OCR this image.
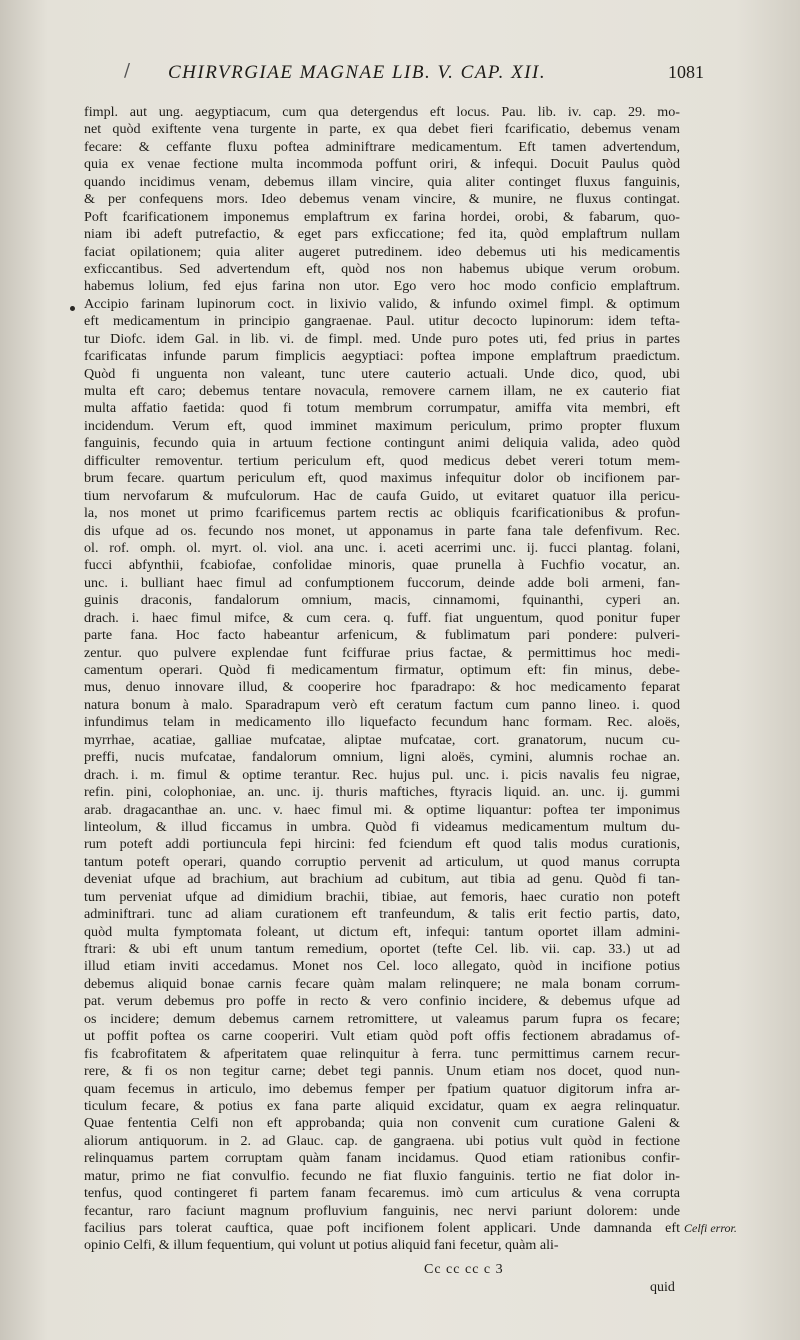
/ CHIRVRGIAE MAGNAE LIB. V. CAP. XII.	1081
fimpl. aut ung. aegyptiacum, cum qua detergendus eft locus. Pau. lib. iv. cap. 29. mo-
net quòd exiftente vena turgente in parte, ex qua debet fieri fcarificatio, debemus venam
fecare: & ceffante fluxu poftea adminiftrare medicamentum. Eft tamen advertendum,
quia ex venae fectione multa incommoda poffunt oriri, & infequi. Docuit Paulus quòd
quando incidimus venam, debemus illam vincire, quia aliter continget fluxus fanguinis,
& per confequens mors. Ideo debemus venam vincire, & munire, ne fluxus contingat.
Poft fcarificationem imponemus emplaftrum ex farina hordei, orobi, & fabarum, quo-
niam ibi adeft putrefactio, & eget pars exficcatione; fed ita, quòd emplaftrum nullam
faciat opilationem; quia aliter augeret putredinem. ideo debemus uti his medicamentis
exficcantibus. Sed advertendum eft, quòd nos non habemus ubique verum orobum.
habemus lolium, fed ejus farina non utor. Ego vero hoc modo conficio emplaftrum.
Accipio farinam lupinorum coct. in lixivio valido, & infundo oximel fimpl. & optimum
eft medicamentum in principio gangraenae. Paul. utitur decocto lupinorum: idem tefta-
tur Diofc. idem Gal. in lib. vi. de fimpl. med. Unde puro potes uti, fed prius in partes
fcarificatas infunde parum fimplicis aegyptiaci: poftea impone emplaftrum praedictum.
Quòd fi unguenta non valeant, tunc utere cauterio actuali. Unde dico, quod, ubi
multa eft caro; debemus tentare novacula, removere carnem illam, ne ex cauterio fiat
multa affatio faetida: quod fi totum membrum corrumpatur, amiffa vita membri, eft
incidendum. Verum eft, quod imminet maximum periculum, primo propter fluxum
fanguinis, fecundo quia in artuum fectione contingunt animi deliquia valida, adeo quòd
difficulter removentur. tertium periculum eft, quod medicus debet vereri totum mem-
brum fecare. quartum periculum eft, quod maximus infequitur dolor ob incifionem par-
tium nervofarum & mufculorum. Hac de caufa Guido, ut evitaret quatuor illa pericu-
la, nos monet ut primo fcarificemus partem rectis ac obliquis fcarificationibus & profun-
dis ufque ad os. fecundo nos monet, ut apponamus in parte fana tale defenfivum. Rec.
ol. rof. omph. ol. myrt. ol. viol. ana unc. i. aceti acerrimi unc. ij. fucci plantag. folani,
fucci abfynthii, fcabiofae, confolidae minoris, quae prunella à Fuchfio vocatur, an.
unc. i. bulliant haec fimul ad confumptionem fuccorum, deinde adde boli armeni, fan-
guinis draconis, fandalorum omnium, macis, cinnamomi, fquinanthi, cyperi an.
drach. i. haec fimul mifce, & cum cera. q. fuff. fiat unguentum, quod ponitur fuper
parte fana. Hoc facto habeantur arfenicum, & fublimatum pari pondere: pulveri-
zentur. quo pulvere explendae funt fciffurae prius factae, & permittimus hoc medi-
camentum operari. Quòd fi medicamentum firmatur, optimum eft: fin minus, debe-
mus, denuo innovare illud, & cooperire hoc fparadrapo: & hoc medicamento feparat
natura bonum à malo. Sparadrapum verò eft ceratum factum cum panno lineo. i. quod
infundimus telam in medicamento illo liquefacto fecundum hanc formam. Rec. aloës,
myrrhae, acatiae, galliae mufcatae, aliptae mufcatae, cort. granatorum, nucum cu-
preffi, nucis mufcatae, fandalorum omnium, ligni aloës, cymini, alumnis rochae an.
drach. i. m. fimul & optime terantur. Rec. hujus pul. unc. i. picis navalis feu nigrae,
refin. pini, colophoniae, an. unc. ij. thuris maftiches, ftyracis liquid. an. unc. ij. gummi
arab. dragacanthae an. unc. v. haec fimul mi. & optime liquantur: poftea ter imponimus
linteolum, & illud ficcamus in umbra. Quòd fi videamus medicamentum multum du-
rum poteft addi portiuncula fepi hircini: fed fciendum eft quod talis modus curationis,
tantum poteft operari, quando corruptio pervenit ad articulum, ut quod manus corrupta
deveniat ufque ad brachium, aut brachium ad cubitum, aut tibia ad genu. Quòd fi tan-
tum perveniat ufque ad dimidium brachii, tibiae, aut femoris, haec curatio non poteft
adminiftrari. tunc ad aliam curationem eft tranfeundum, & talis erit fectio partis, dato,
quòd multa fymptomata foleant, ut dictum eft, infequi: tantum oportet illam admini-
ftrari: & ubi eft unum tantum remedium, oportet (tefte Cel. lib. vii. cap. 33.) ut ad
illud etiam inviti accedamus. Monet nos Cel. loco allegato, quòd in incifione potius
debemus aliquid bonae carnis fecare quàm malam relinquere; ne mala bonam corrum-
pat. verum debemus pro poffe in recto & vero confinio incidere, & debemus ufque ad
os incidere; demum debemus carnem retromittere, ut valeamus parum fupra os fecare;
ut poffit poftea os carne cooperiri. Vult etiam quòd poft offis fectionem abradamus of-
fis fcabrofitatem & afperitatem quae relinquitur à ferra. tunc permittimus carnem recur-
rere, & fi os non tegitur carne; debet tegi pannis. Unum etiam nos docet, quod nun-
quam fecemus in articulo, imo debemus femper per fpatium quatuor digitorum infra ar-
ticulum fecare, & potius ex fana parte aliquid excidatur, quam ex aegra relinquatur.
Quae fententia Celfi non eft approbanda; quia non convenit cum curatione Galeni &
aliorum antiquorum. in 2. ad Glauc. cap. de gangraena. ubi potius vult quòd in fectione
relinquamus partem corruptam quàm fanam incidamus. Quod etiam rationibus confir-
matur, primo ne fiat convulfio. fecundo ne fiat fluxio fanguinis. tertio ne fiat dolor in-
tenfus, quod contingeret fi partem fanam fecaremus. imò cum articulus & vena corrupta
fecantur, raro faciunt magnum profluvium fanguinis, nec nervi pariunt dolorem: unde
facilius pars tolerat cauftica, quae poft incifionem folent applicari. Unde damnanda eft
opinio Celfi, & illum fequentium, qui volunt ut potius aliquid fani fecetur, quàm ali-
Celfi error.
Cc cc cc c 3
quid
